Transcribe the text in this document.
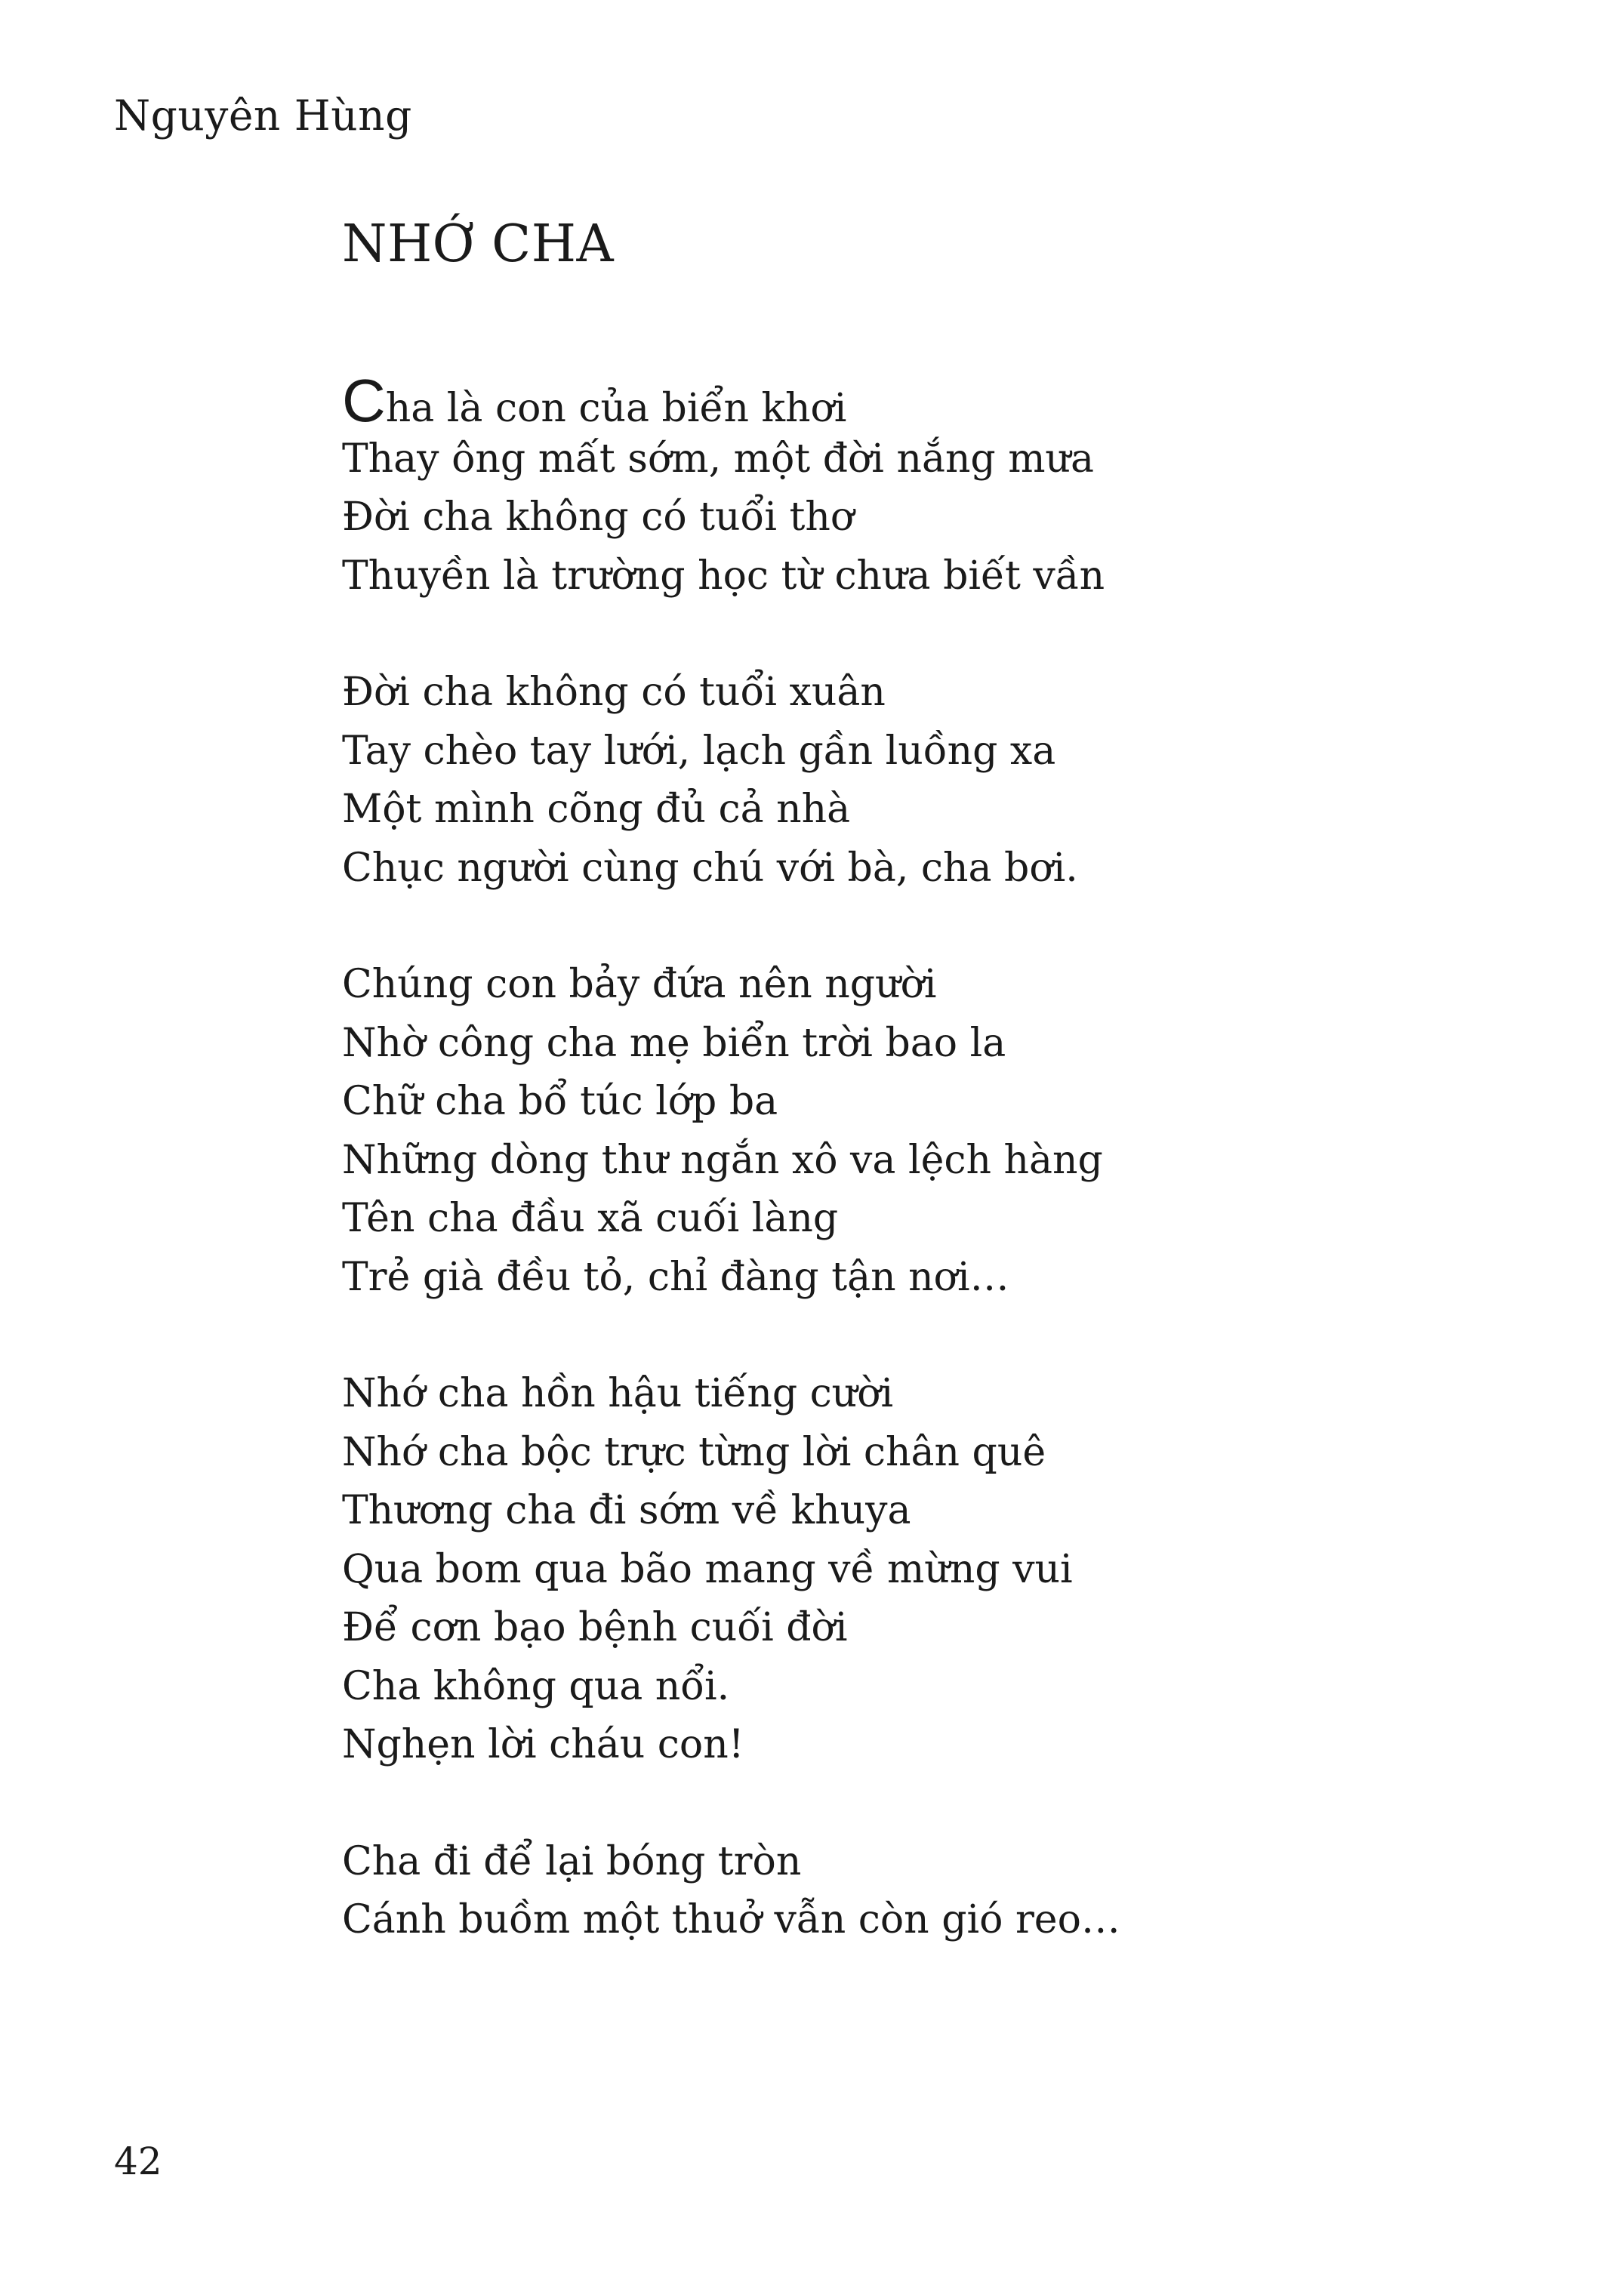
Nguyên Hùng
NHỚ CHA
Cha là con của biển khơi
Thay ông mất sớm, một đời nắng mưa
Đời cha không có tuổi thơ
Thuyền là trường học từ chưa biết vần
Đời cha không có tuổi xuân
Tay chèo tay lưới, lạch gần luồng xa
Một mình cõng đủ cả nhà
Chục người cùng chú với bà, cha bơi.
Chúng con bảy đứa nên người
Nhờ công cha mẹ biển trời bao la
Chữ cha bổ túc lớp ba
Những dòng thư ngắn xô va lệch hàng
Tên cha đầu xã cuối làng
Trẻ già đều tỏ, chỉ đàng tận nơi…
Nhớ cha hồn hậu tiếng cười
Nhớ cha bộc trực từng lời chân quê
Thương cha đi sớm về khuya
Qua bom qua bão mang về mừng vui
Để cơn bạo bệnh cuối đời
Cha không qua nổi.
Nghẹn lời cháu con!
Cha đi để lại bóng tròn
Cánh buồm một thuở vẫn còn gió reo…
42
